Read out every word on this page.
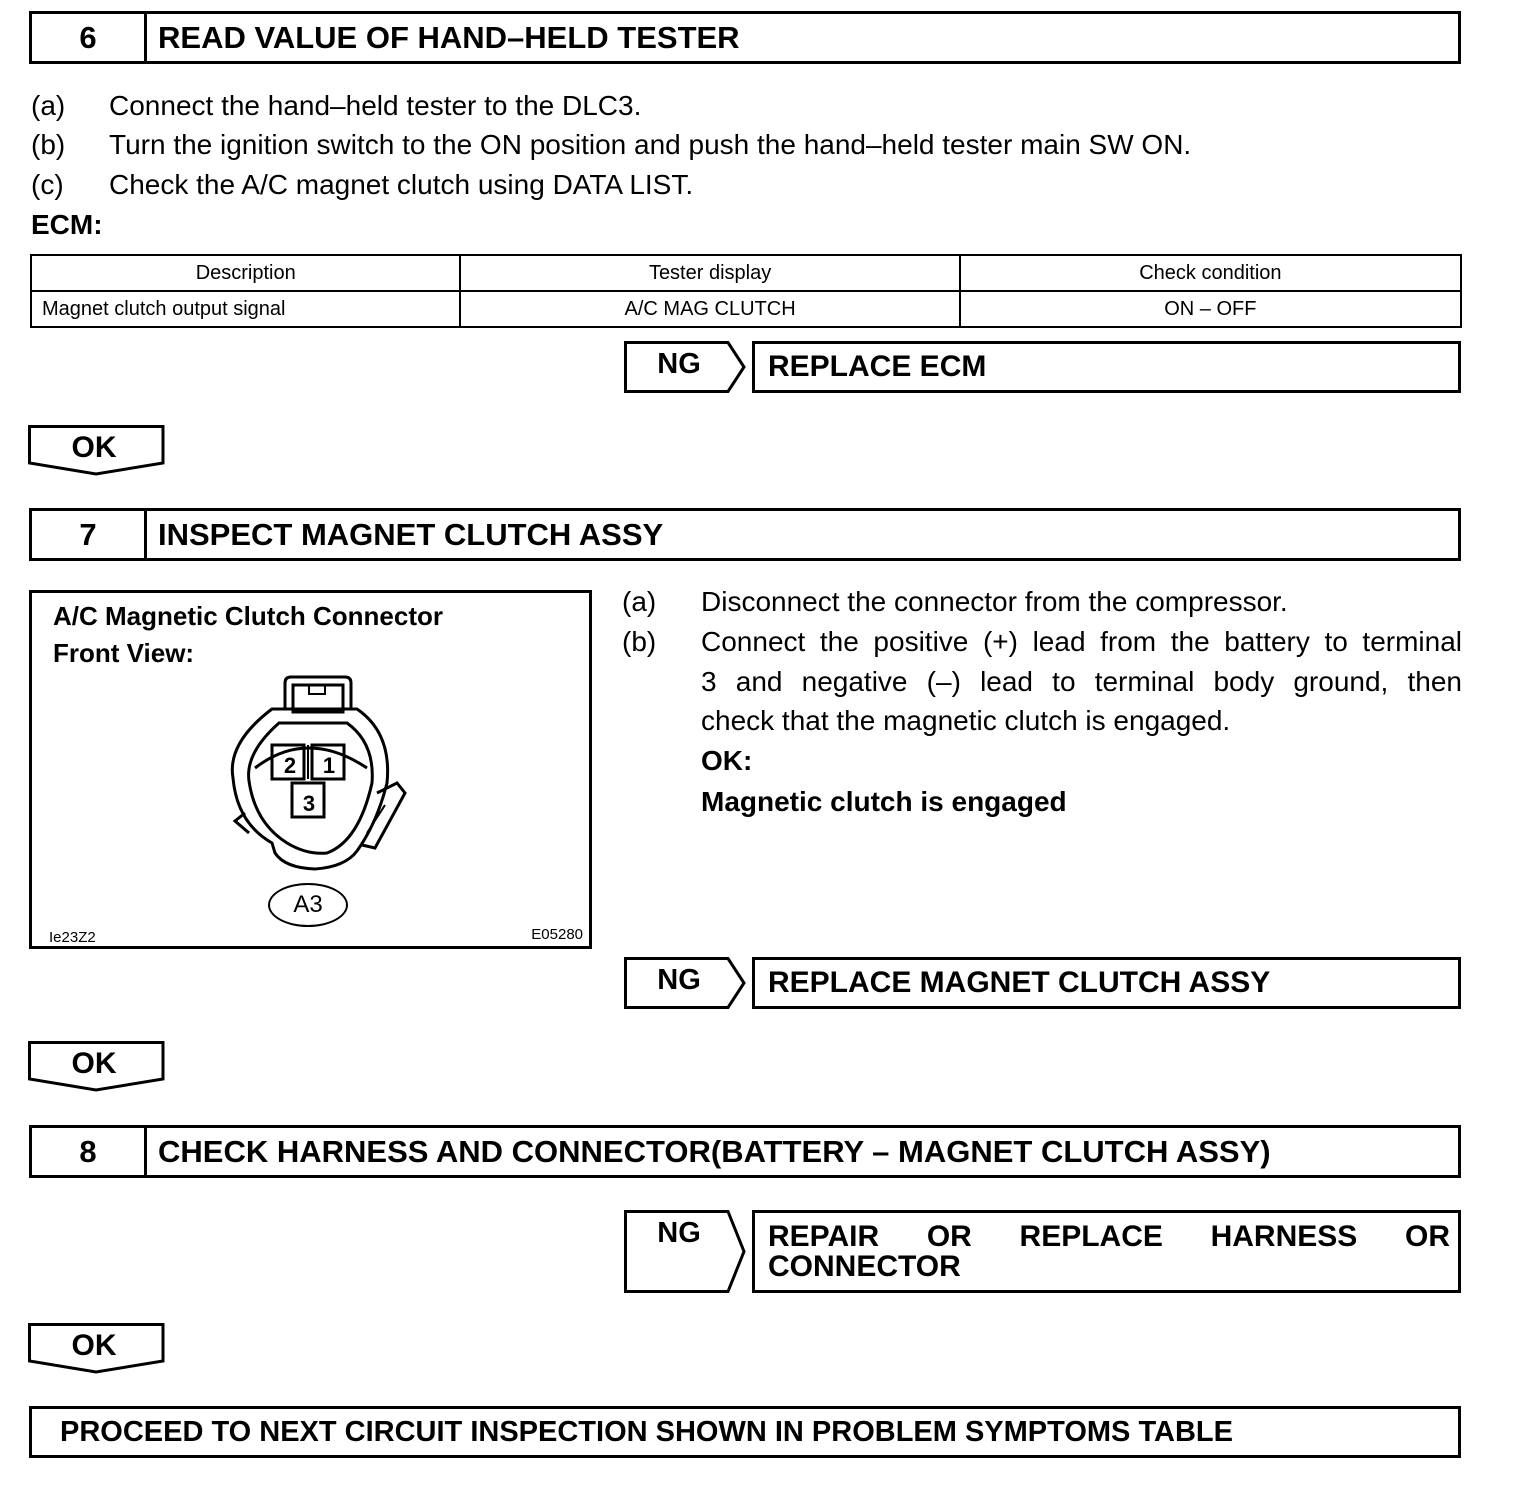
6	READ VALUE OF HAND–HELD TESTER
(a) Connect the hand–held tester to the DLC3.
(b) Turn the ignition switch to the ON position and push the hand–held tester main SW ON.
(c) Check the A/C magnet clutch using DATA LIST.
ECM:
Description	Tester display	Check condition
Magnet clutch output signal	A/C MAG CLUTCH	ON – OFF
NG	REPLACE ECM
OK
7	INSPECT MAGNET CLUTCH ASSY
A/C Magnetic Clutch Connector
Front View:
2	1
3
A3
Ie23Z2	E05280
(a) Disconnect the connector from the compressor.
(b) Connect the positive (+) lead from the battery to terminal
3 and negative (–) lead to terminal body ground, then
check that the magnetic clutch is engaged.
OK:
Magnetic clutch is engaged
NG	REPLACE MAGNET CLUTCH ASSY
OK
8	CHECK HARNESS AND CONNECTOR(BATTERY – MAGNET CLUTCH ASSY)
NG	REPAIR OR REPLACE HARNESS OR
CONNECTOR
OK
PROCEED TO NEXT CIRCUIT INSPECTION SHOWN IN PROBLEM SYMPTOMS TABLE
